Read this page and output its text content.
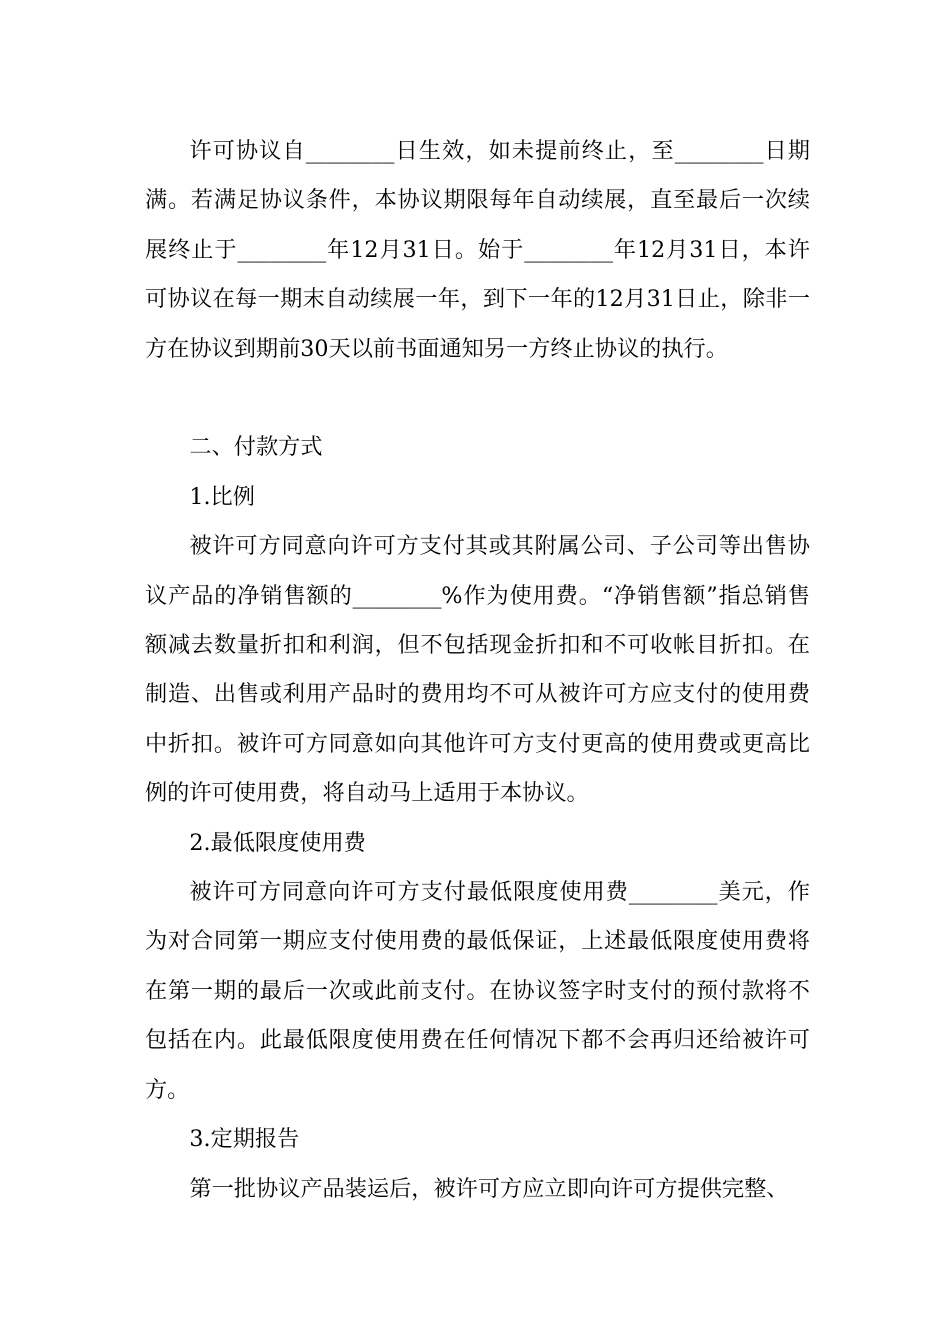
许可协议自________日生效，如未提前终止，至________日期满。若满足协议条件，本协议期限每年自动续展，直至最后一次续展终止于________年12月31日。始于________年12月31日，本许可协议在每一期末自动续展一年，到下一年的12月31日止，除非一方在协议到期前30天以前书面通知另一方终止协议的执行。

二、付款方式

1.比例

被许可方同意向许可方支付其或其附属公司、子公司等出售协议产品的净销售额的________%作为使用费。“净销售额”指总销售额减去数量折扣和利润，但不包括现金折扣和不可收帐目折扣。在制造、出售或利用产品时的费用均不可从被许可方应支付的使用费中折扣。被许可方同意如向其他许可方支付更高的使用费或更高比例的许可使用费，将自动马上适用于本协议。

2.最低限度使用费

被许可方同意向许可方支付最低限度使用费________美元，作为对合同第一期应支付使用费的最低保证，上述最低限度使用费将在第一期的最后一次或此前支付。在协议签字时支付的预付款将不包括在内。此最低限度使用费在任何情况下都不会再归还给被许可方。

3.定期报告

第一批协议产品装运后，被许可方应立即向许可方提供完整、
